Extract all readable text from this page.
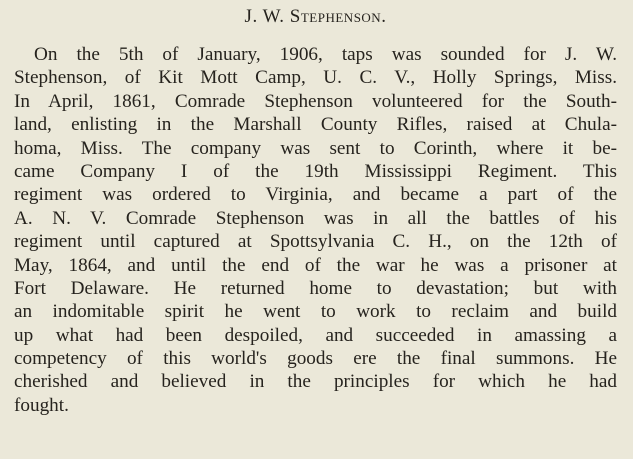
J. W. Stephenson.
On the 5th of January, 1906, taps was sounded for J. W.
Stephenson, of Kit Mott Camp, U. C. V., Holly Springs, Miss.
In April, 1861, Comrade Stephenson volunteered for the South-
land, enlisting in the Marshall County Rifles, raised at Chula-
homa, Miss. The company was sent to Corinth, where it be-
came Company I of the 19th Mississippi Regiment. This
regiment was ordered to Virginia, and became a part of the
A. N. V. Comrade Stephenson was in all the battles of his
regiment until captured at Spottsylvania C. H., on the 12th of
May, 1864, and until the end of the war he was a prisoner at
Fort Delaware. He returned home to devastation; but with
an indomitable spirit he went to work to reclaim and build
up what had been despoiled, and succeeded in amassing a
competency of this world's goods ere the final summons. He
cherished and believed in the principles for which he had
fought.
